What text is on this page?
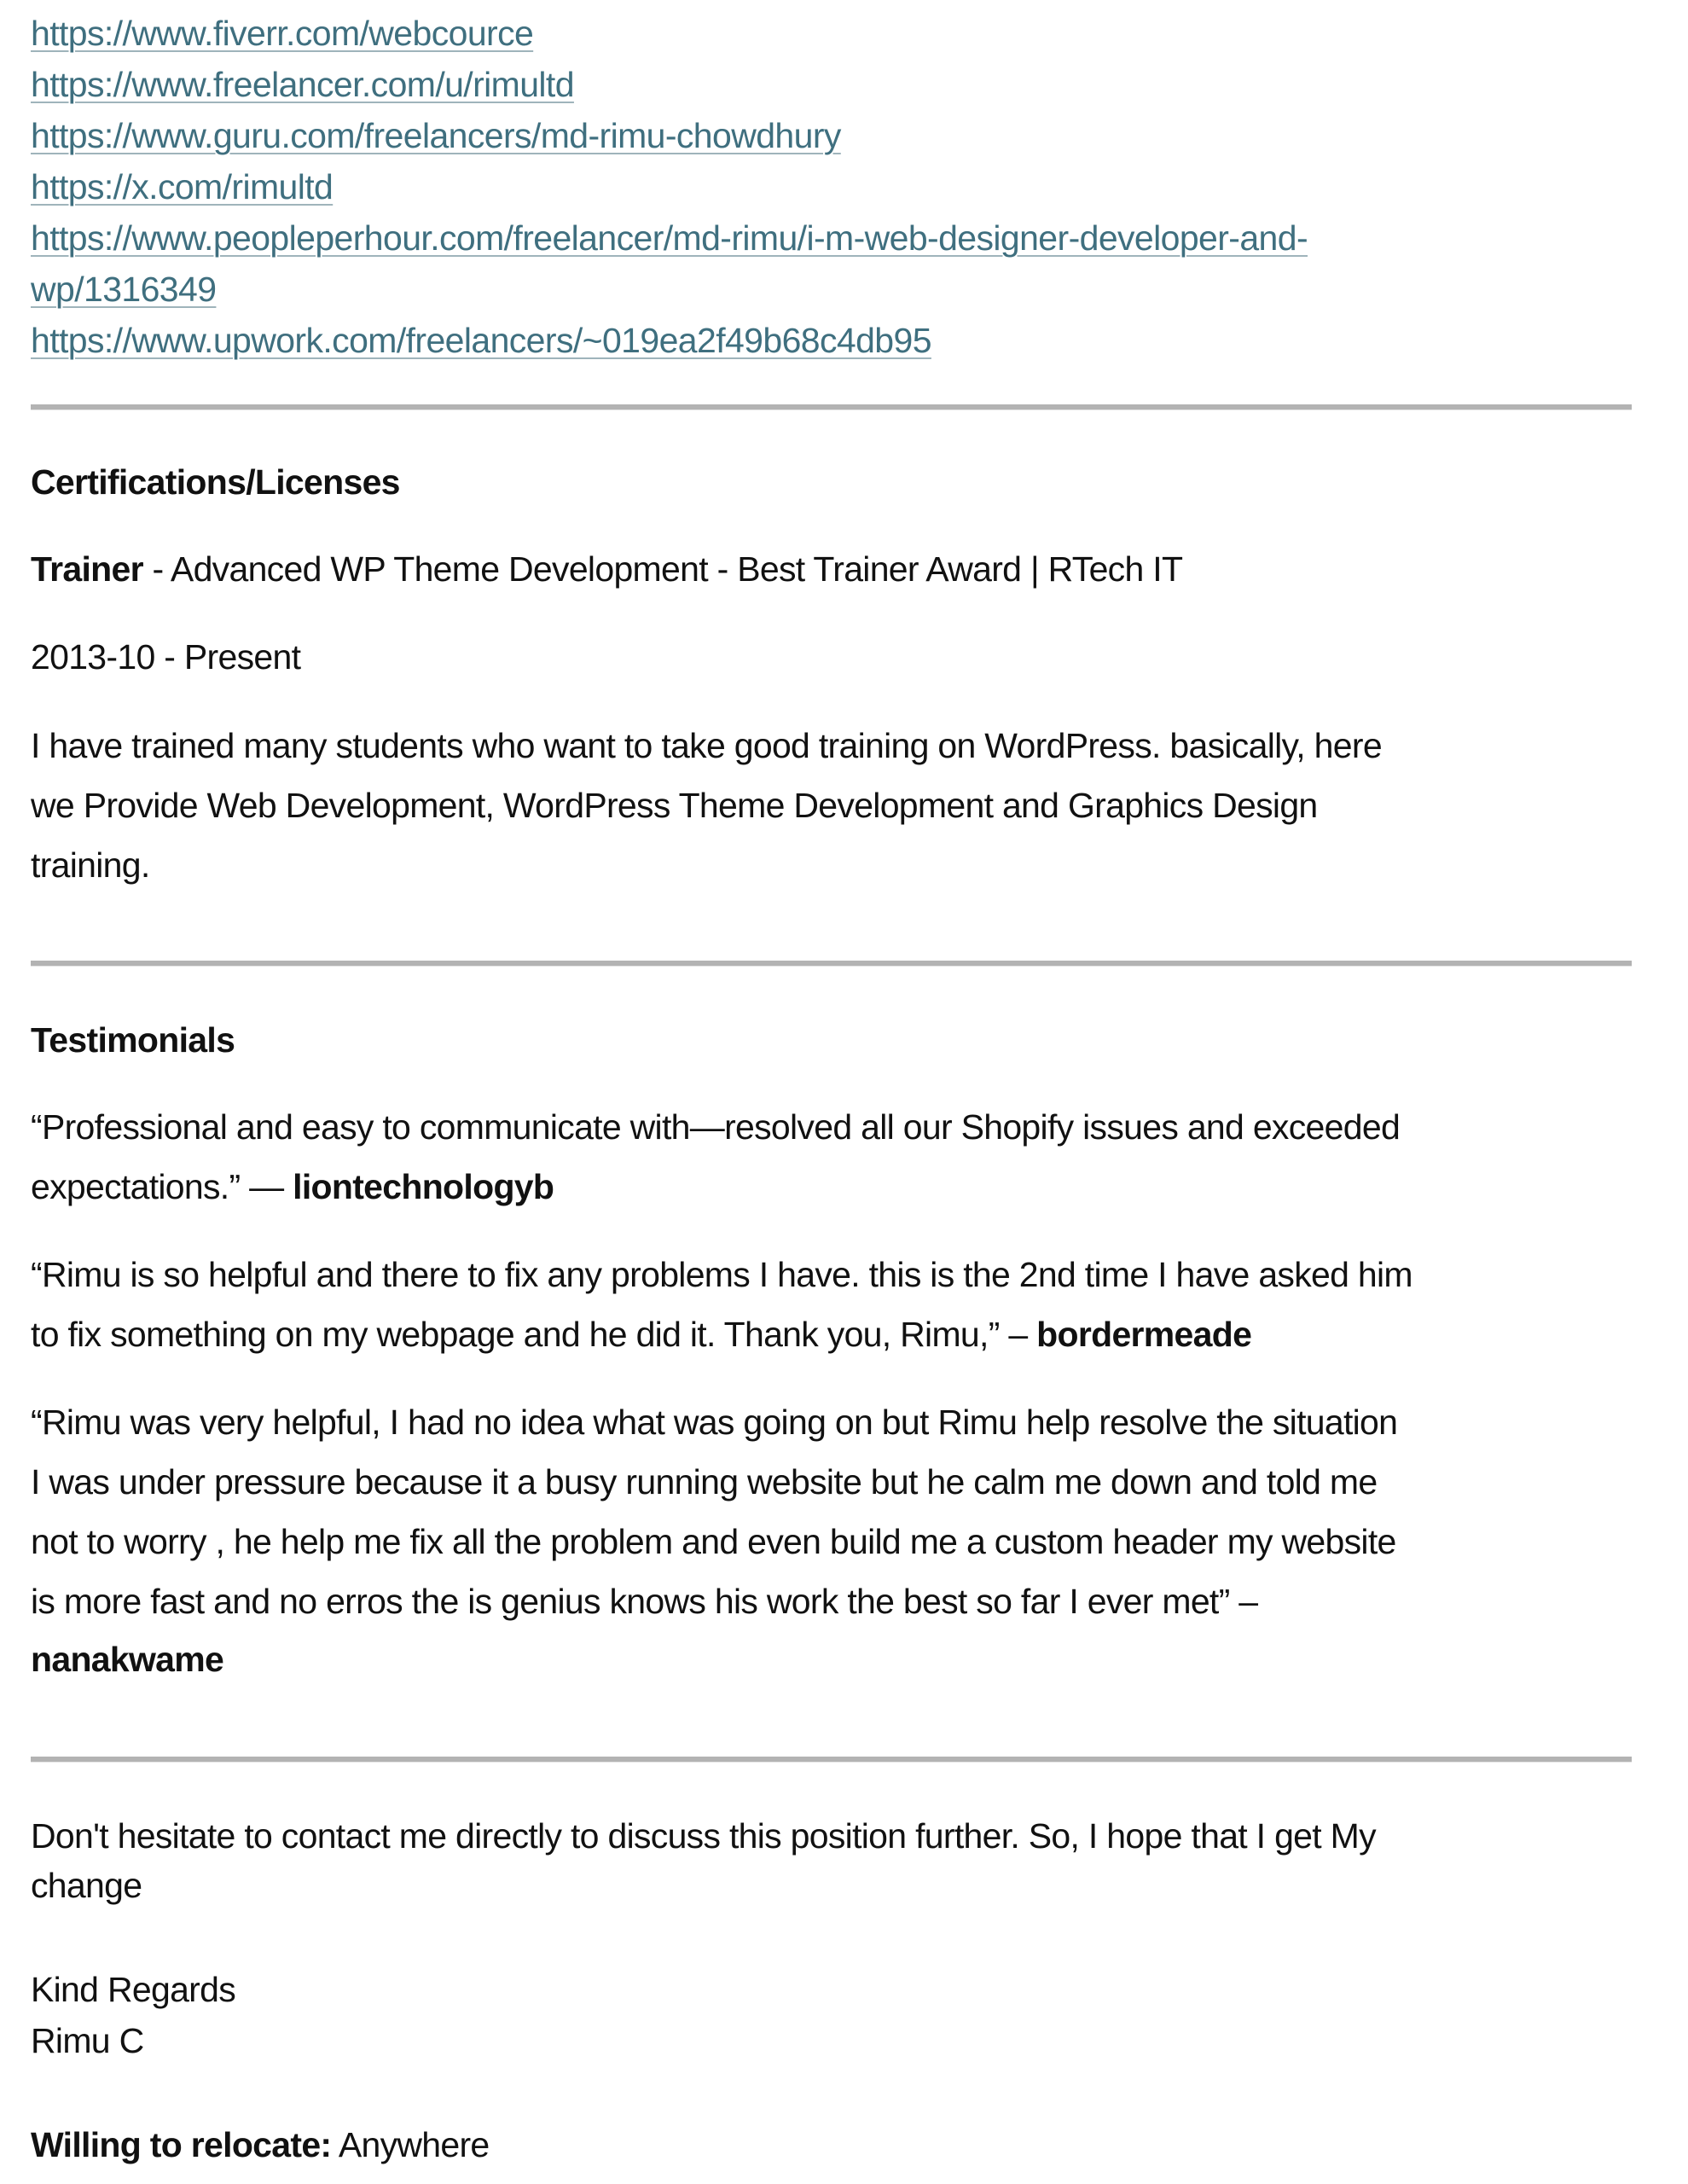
https://www.fiverr.com/webcource
https://www.freelancer.com/u/rimultd
https://www.guru.com/freelancers/md-rimu-chowdhury
https://x.com/rimultd
https://www.peopleperhour.com/freelancer/md-rimu/i-m-web-designer-developer-and-
wp/1316349
https://www.upwork.com/freelancers/~019ea2f49b68c4db95
Certifications/Licenses
Trainer - Advanced WP Theme Development - Best Trainer Award | RTech IT
2013-10 - Present
I have trained many students who want to take good training on WordPress. basically, here
we Provide Web Development, WordPress Theme Development and Graphics Design
training.
Testimonials
“Professional and easy to communicate with—resolved all our Shopify issues and exceeded
expectations.” — liontechnologyb
“Rimu is so helpful and there to fix any problems I have. this is the 2nd time I have asked him
to fix something on my webpage and he did it. Thank you, Rimu,” – bordermeade
“Rimu was very helpful, I had no idea what was going on but Rimu help resolve the situation
I was under pressure because it a busy running website but he calm me down and told me
not to worry , he help me fix all the problem and even build me a custom header my website
is more fast and no erros the is genius knows his work the best so far I ever met” –
nanakwame
Don't hesitate to contact me directly to discuss this position further. So, I hope that I get My
change
Kind Regards
Rimu C
Willing to relocate: Anywhere
